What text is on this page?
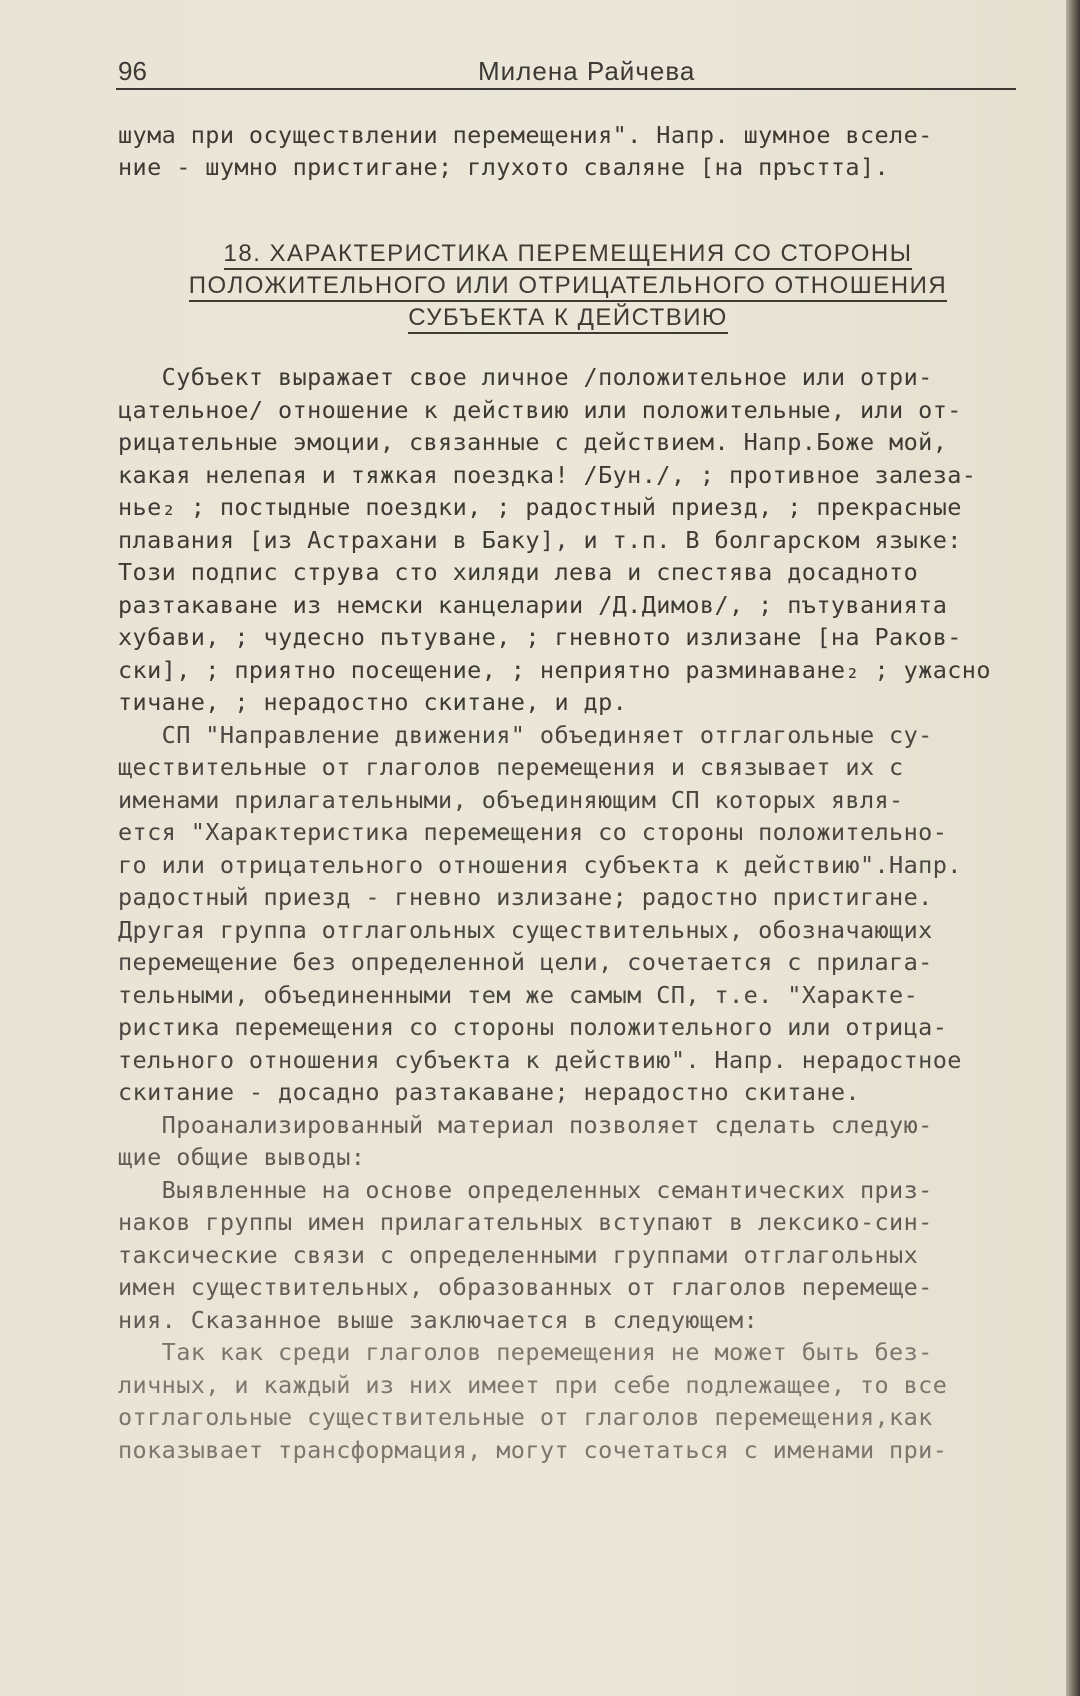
96	Милена Райчева
шума при осуществлении перемещения". Напр. шумное вселе-
ние - шумно пристигане; глухото сваляне [на пръстта].
18. ХАРАКТЕРИСТИКА ПЕРЕМЕЩЕНИЯ СО СТОРОНЫ
ПОЛОЖИТЕЛЬНОГО ИЛИ ОТРИЦАТЕЛЬНОГО ОТНОШЕНИЯ
СУБЪЕКТА К ДЕЙСТВИЮ
Субъект выражает свое личное /положительное или отри-
цательное/ отношение к действию или положительные, или от-
рицательные эмоции, связанные с действием. Напр.Боже мой,
какая нелепая и тяжкая поездка! /Бун./, ; противное залеза-
нье₂ ; постыдные поездки, ; радостный приезд, ; прекрасные
плавания [из Астрахани в Баку], и т.п. В болгарском языке:
Този подпис струва сто хиляди лева и спестява досадното
разтакаване из немски канцеларии /Д.Димов/, ; пътуванията
хубави, ; чудесно пътуване, ; гневното излизане [на Раков-
ски], ; приятно посещение, ; неприятно разминаване₂ ; ужасно
тичане, ; нерадостно скитане, и др.
СП "Направление движения" объединяет отглагольные су-
ществительные от глаголов перемещения и связывает их с
именами прилагательными, объединяющим СП которых явля-
ется "Характеристика перемещения со стороны положительно-
го или отрицательного отношения субъекта к действию".Напр.
радостный приезд - гневно излизане; радостно пристигане.
Другая группа отглагольных существительных, обозначающих
перемещение без определенной цели, сочетается с прилага-
тельными, объединенными тем же самым СП, т.е. "Характе-
ристика перемещения со стороны положительного или отрица-
тельного отношения субъекта к действию". Напр. нерадостное
скитание - досадно разтакаване; нерадостно скитане.
Проанализированный материал позволяет сделать следую-
щие общие выводы:
Выявленные на основе определенных семантических приз-
наков группы имен прилагательных вступают в лексико-син-
таксические связи с определенными группами отглагольных
имен существительных, образованных от глаголов перемеще-
ния. Сказанное выше заключается в следующем:
Так как среди глаголов перемещения не может быть без-
личных, и каждый из них имеет при себе подлежащее, то все
отглагольные существительные от глаголов перемещения,как
показывает трансформация, могут сочетаться с именами при-
